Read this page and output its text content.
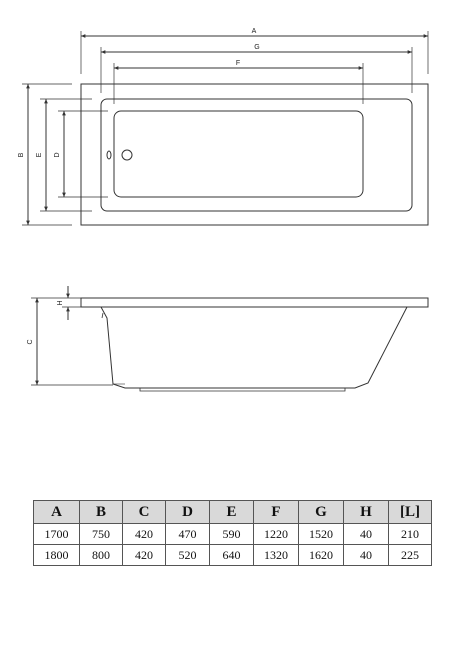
A
G
F
B E D
C
H
A	B	C	D	E	F	G	H	[L]
1700	750	420	470	590	1220	1520	40	210
1800	800	420	520	640	1320	1620	40	225
